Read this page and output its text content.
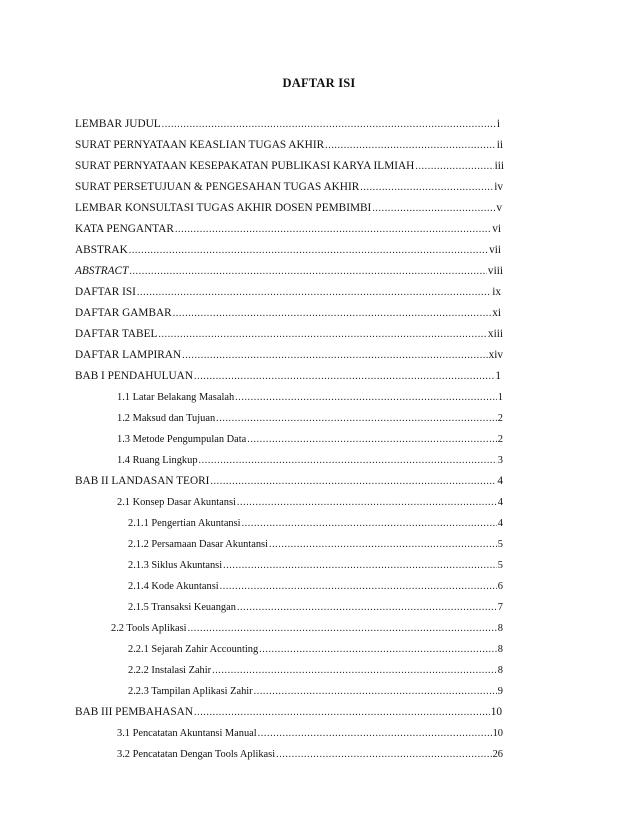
DAFTAR ISI
LEMBAR JUDUL .....	i
SURAT PERNYATAAN KEASLIAN TUGAS AKHIR .....	ii
SURAT PERNYATAAN KESEPAKATAN PUBLIKASI KARYA ILMIAH .....	iii
SURAT PERSETUJUAN & PENGESAHAN TUGAS AKHIR .....	iv
LEMBAR KONSULTASI TUGAS AKHIR DOSEN PEMBIMBI .....	v
KATA PENGANTAR .....	vi
ABSTRAK .....	vii
ABSTRACT .....	viii
DAFTAR ISI .....	ix
DAFTAR GAMBAR .....	xi
DAFTAR TABEL .....	xiii
DAFTAR LAMPIRAN .....	xiv
BAB I PENDAHULUAN .....	1
1.1 Latar Belakang Masalah .....	1
1.2 Maksud dan Tujuan .....	2
1.3 Metode Pengumpulan Data .....	2
1.4 Ruang Lingkup .....	3
BAB II LANDASAN TEORI .....	4
2.1 Konsep Dasar Akuntansi .....	4
2.1.1 Pengertian Akuntansi .....	4
2.1.2 Persamaan Dasar Akuntansi .....	5
2.1.3 Siklus Akuntansi .....	5
2.1.4 Kode Akuntansi .....	6
2.1.5 Transaksi Keuangan .....	7
2.2 Tools Aplikasi .....	8
2.2.1 Sejarah Zahir Accounting .....	8
2.2.2 Instalasi Zahir .....	8
2.2.3 Tampilan Aplikasi Zahir .....	9
BAB III PEMBAHASAN .....	10
3.1 Pencatatan Akuntansi Manual .....	10
3.2 Pencatatan Dengan Tools Aplikasi .....	26
